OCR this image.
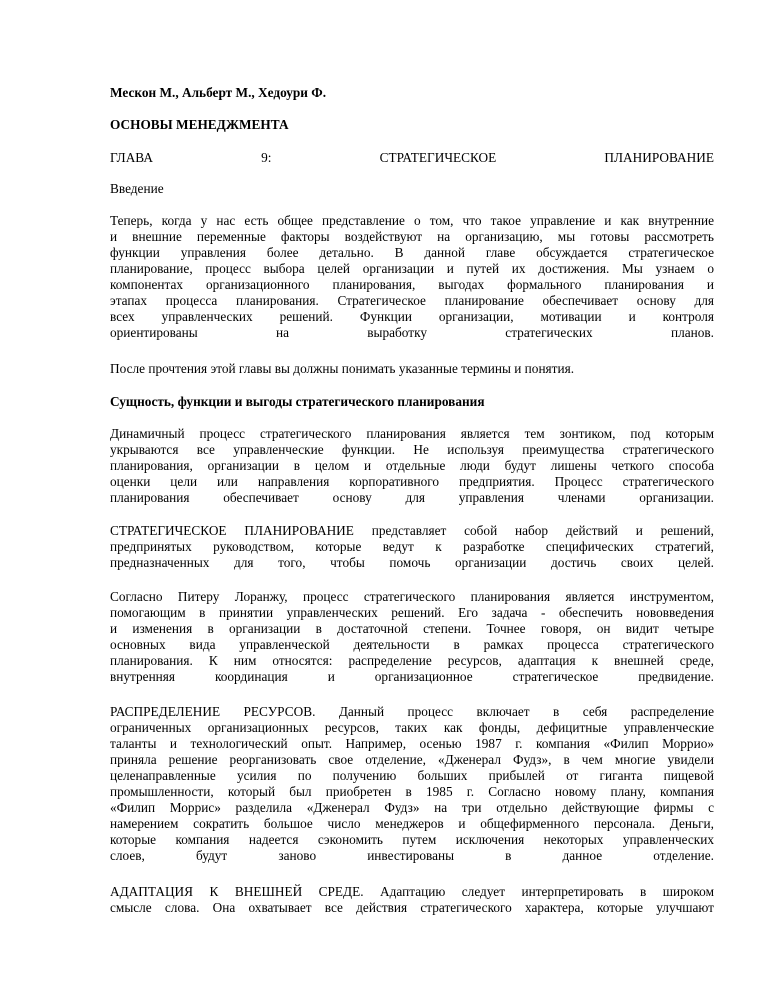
Мескон М., Альберт М., Хедоури Ф.
ОСНОВЫ МЕНЕДЖМЕНТА
ГЛАВА	9:	СТРАТЕГИЧЕСКОЕ	ПЛАНИРОВАНИЕ
Введение
Теперь, когда у нас есть общее представление о том, что такое управление и как внутренние
и внешние переменные факторы воздействуют на организацию, мы готовы рассмотреть
функции управления более детально. В данной главе обсуждается стратегическое
планирование, процесс выбора целей организации и путей их достижения. Мы узнаем о
компонентах организационного планирования, выгодах формального планирования и
этапах процесса планирования. Стратегическое планирование обеспечивает основу для
всех управленческих решений. Функции организации, мотивации и контроля
ориентированы на выработку стратегических планов.
После прочтения этой главы вы должны понимать указанные термины и понятия.
Сущность, функции и выгоды стратегического планирования
Динамичный процесс стратегического планирования является тем зонтиком, под которым
укрываются все управленческие функции. Не используя преимущества стратегического
планирования, организации в целом и отдельные люди будут лишены четкого способа
оценки цели или направления корпоративного предприятия. Процесс стратегического
планирования обеспечивает основу для управления членами организации.
СТРАТЕГИЧЕСКОЕ ПЛАНИРОВАНИЕ представляет собой набор действий и решений,
предпринятых руководством, которые ведут к разработке специфических стратегий,
предназначенных для того, чтобы помочь организации достичь своих целей.
Согласно Питеру Лоранжу, процесс стратегического планирования является инструментом,
помогающим в принятии управленческих решений. Его задача - обеспечить нововведения
и изменения в организации в достаточной степени. Точнее говоря, он видит четыре
основных вида управленческой деятельности в рамках процесса стратегического
планирования. К ним относятся: распределение ресурсов, адаптация к внешней среде,
внутренняя координация и организационное стратегическое предвидение.
РАСПРЕДЕЛЕНИЕ РЕСУРСОВ. Данный процесс включает в себя распределение
ограниченных организационных ресурсов, таких как фонды, дефицитные управленческие
таланты и технологический опыт. Например, осенью 1987 г. компания «Филип Моррио»
приняла решение реорганизовать свое отделение, «Дженерал Фудз», в чем многие увидели
целенаправленные усилия по получению больших прибылей от гиганта пищевой
промышленности, который был приобретен в 1985 г. Согласно новому плану, компания
«Филип Моррис» разделила «Дженерал Фудз» на три отдельно действующие фирмы с
намерением сократить большое число менеджеров и общефирменного персонала. Деньги,
которые компания надеется сэкономить путем исключения некоторых управленческих
слоев, будут заново инвестированы в данное отделение.
АДАПТАЦИЯ К ВНЕШНЕЙ СРЕДЕ. Адаптацию следует интерпретировать в широком
смысле слова. Она охватывает все действия стратегического характера, которые улучшают
